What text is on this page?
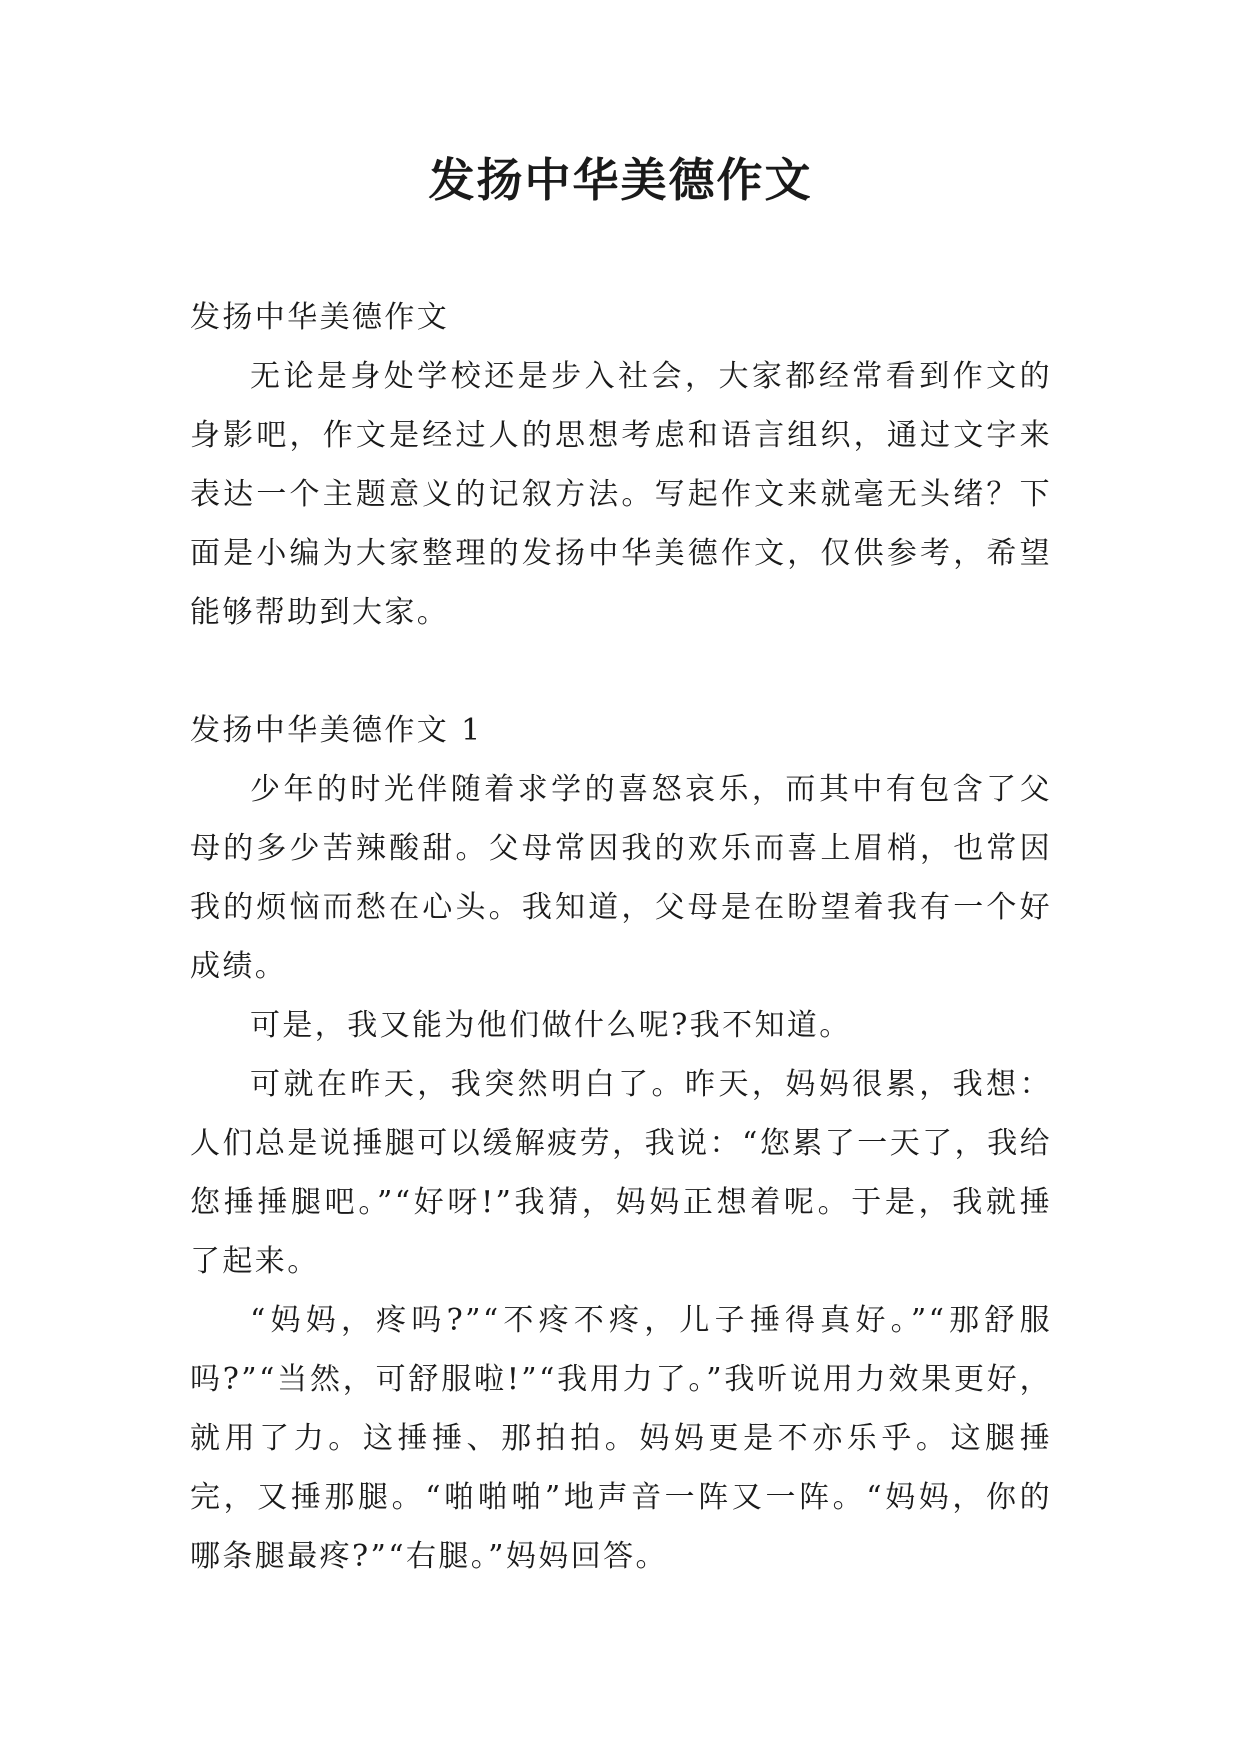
发扬中华美德作文
发扬中华美德作文

无论是身处学校还是步入社会，大家都经常看到作文的身影吧，作文是经过人的思想考虑和语言组织，通过文字来表达一个主题意义的记叙方法。写起作文来就毫无头绪？下面是小编为大家整理的发扬中华美德作文，仅供参考，希望能够帮助到大家。

发扬中华美德作文 1

少年的时光伴随着求学的喜怒哀乐，而其中有包含了父母的多少苦辣酸甜。父母常因我的欢乐而喜上眉梢，也常因我的烦恼而愁在心头。我知道，父母是在盼望着我有一个好成绩。

可是，我又能为他们做什么呢?我不知道。

可就在昨天，我突然明白了。昨天，妈妈很累，我想：人们总是说捶腿可以缓解疲劳，我说：“您累了一天了，我给您捶捶腿吧。”“好呀!”我猜，妈妈正想着呢。于是，我就捶了起来。

“妈妈，疼吗?”“不疼不疼，儿子捶得真好。”“那舒服吗?”“当然，可舒服啦!”“我用力了。”我听说用力效果更好，就用了力。这捶捶、那拍拍。妈妈更是不亦乐乎。这腿捶完，又捶那腿。“啪啪啪”地声音一阵又一阵。“妈妈，你的哪条腿最疼?”“右腿。”妈妈回答。
